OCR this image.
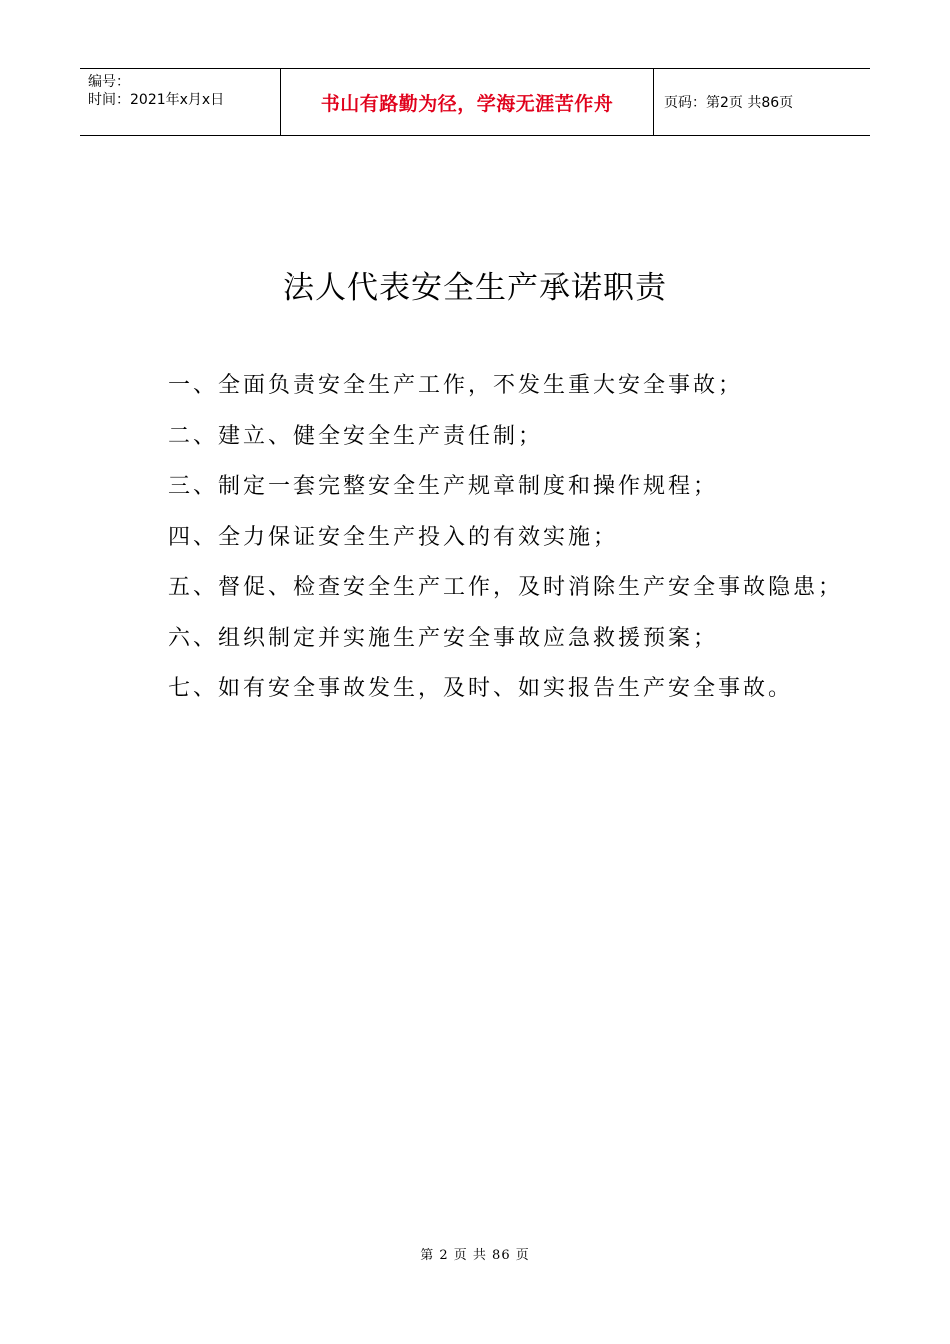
编号：
时间：2021年x月x日	书山有路勤为径，学海无涯苦作舟	页码：第2页 共86页
法人代表安全生产承诺职责
一、全面负责安全生产工作，不发生重大安全事故；
二、建立、健全安全生产责任制；
三、制定一套完整安全生产规章制度和操作规程；
四、全力保证安全生产投入的有效实施；
五、督促、检查安全生产工作，及时消除生产安全事故隐患；
六、组织制定并实施生产安全事故应急救援预案；
七、如有安全事故发生，及时、如实报告生产安全事故。
第 2 页 共 86 页
